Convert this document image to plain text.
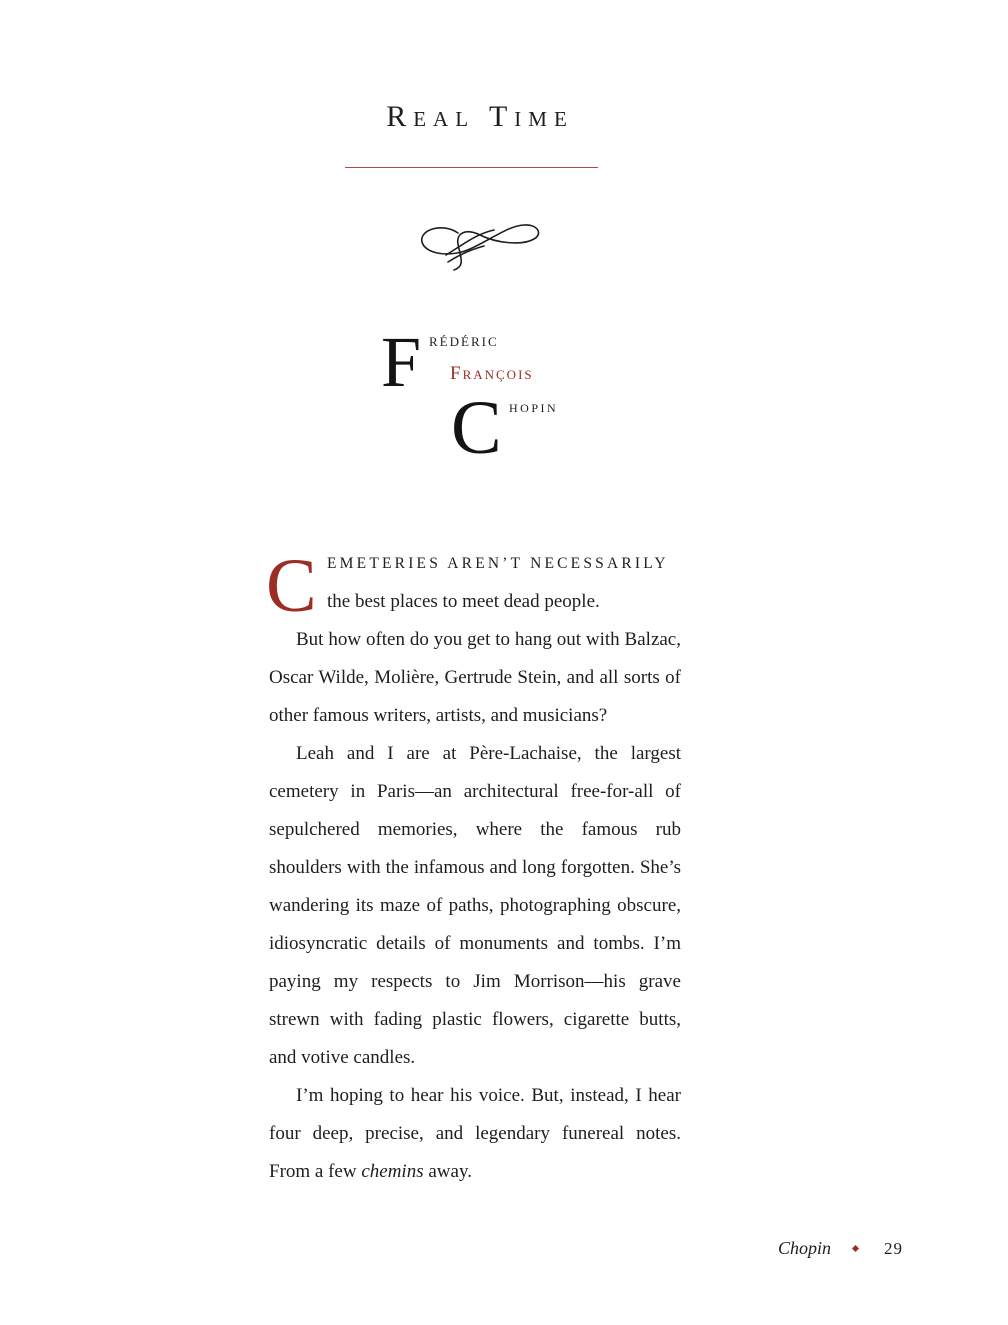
Real Time
F rédéric
François
C hopin
C EMETERIES AREN’T NECESSARILY
the best places to meet dead people.

But how often do you get to hang out with Balzac, Oscar Wilde, Molière, Gertrude Stein, and all sorts of other famous writers, artists, and musicians?

Leah and I are at Père-Lachaise, the largest cemetery in Paris—an architectural free-for-all of sepulchered memories, where the famous rub shoulders with the infamous and long forgotten. She’s wandering its maze of paths, photographing obscure, idiosyncratic details of monuments and tombs. I’m paying my respects to Jim Morrison—his grave strewn with fading plastic flowers, cigarette butts, and votive candles.

I’m hoping to hear his voice. But, instead, I hear four deep, precise, and legendary funereal notes. From a few chemins away.

Chopin	29
